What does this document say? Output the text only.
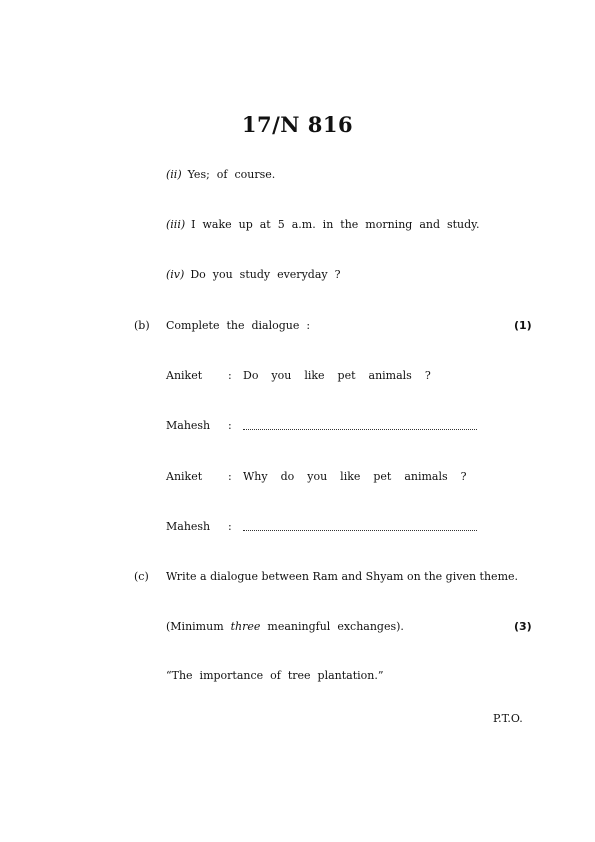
17/N 816
(ii) Yes;  of  course.
(iii) I  wake  up  at  5  a.m.  in  the  morning  and  study.
(iv) Do  you  study  everyday  ?
(b) Complete  the  dialogue  :	(1)
Aniket : Do  you  like  pet  animals  ?
Mahesh :
Aniket : Why  do  you  like  pet  animals  ?
Mahesh :
(c) Write a dialogue between Ram and Shyam on the given theme.
(Minimum three meaningful  exchanges).	(3)
“The  importance  of  tree  plantation.”
P.T.O.
